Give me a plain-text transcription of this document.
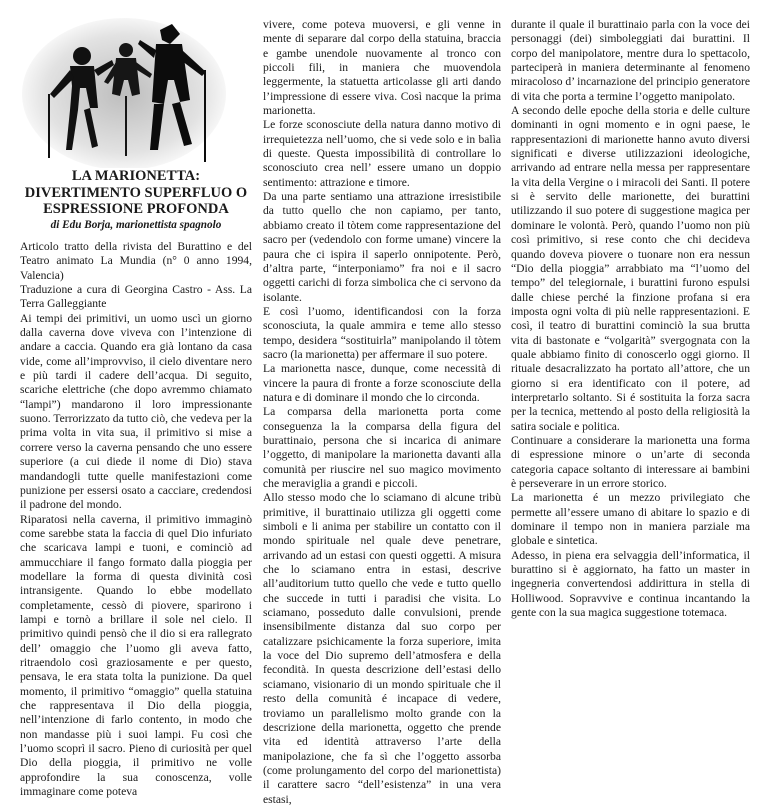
LA MARIONETTA: DIVERTIMENTO SUPERFLUO O ESPRESSIONE PROFONDA

di Edu Borja, marionettista spagnolo

Articolo tratto della rivista del Burattino e del Teatro animato La Mundia (n° 0 anno 1994, Valencia)

Traduzione a cura di Georgina Castro - Ass. La Terra Galleggiante

Ai tempi dei primitivi, un uomo uscì un giorno dalla caverna dove viveva con l’intenzione di andare a caccia. Quando era già lontano da casa vide, come all’improvviso, il cielo diventare nero e più tardi il cadere dell’acqua. Di seguito, scariche elettriche (che dopo avremmo chiamato “lampi”) mandarono il loro impressionante suono. Terrorizzato da tutto ciò, che vedeva per la prima volta in vita sua, il primitivo si mise a correre verso la caverna pensando che uno essere superiore (a cui diede il nome di Dio) stava mandandogli tutte quelle manifestazioni come punizione per essersi osato a cacciare, credendosi il padrone del mondo.

Riparatosi nella caverna, il primitivo immaginò come sarebbe stata la faccia di quel Dio infuriato che scaricava lampi e tuoni, e cominciò ad ammucchiare il fango formato dalla pioggia per modellare la forma di questa divinità così intransigente. Quando lo ebbe modellato completamente, cessò di piovere, sparirono i lampi e tornò a brillare il sole nel cielo. Il primitivo quindi pensò che il dio si era rallegrato dell’ omaggio che l’uomo gli aveva fatto, ritraendolo così graziosamente e per questo, pensava, le era stata tolta la punizione. Da quel momento, il primitivo “omaggio” quella statuina che rappresentava il Dio della pioggia, nell’intenzione di farlo contento, in modo che non mandasse più i suoi lampi. Fu così che l’uomo scoprì il sacro. Pieno di curiosità per quel Dio della pioggia, il primitivo ne volle approfondire la sua conoscenza, volle immaginare come poteva

vivere, come poteva muoversi, e gli venne in mente di separare dal corpo della statuina, braccia e gambe unendole nuovamente al tronco con piccoli fili, in maniera che muovendola leggermente, la statuetta articolasse gli arti dando l’impressione di essere viva. Così nacque la prima marionetta.

Le forze sconosciute della natura danno motivo di irrequietezza nell’uomo, che si vede solo e in balìa di queste. Questa impossibilità di controllare lo sconosciuto crea nell’ essere umano un doppio sentimento: attrazione e timore.

Da una parte sentiamo una attrazione irresistibile da tutto quello che non capiamo, per tanto, abbiamo creato il tòtem come rappresentazione del sacro per (vedendolo con forme umane) vincere la paura che ci ispira il saperlo onnipotente. Però, d’altra parte, “interponiamo” fra noi e il sacro oggetti carichi di forza simbolica che ci servono da isolante.

E così l’uomo, identificandosi con la forza sconosciuta, la quale ammira e teme allo stesso tempo, desidera “sostituirla” manipolando il tòtem sacro (la marionetta) per affermare il suo potere.

La marionetta nasce, dunque, come necessità di vincere la paura di fronte a forze sconosciute della natura e di dominare il mondo che lo circonda.

La comparsa della marionetta porta come conseguenza la la comparsa della figura del burattinaio, persona che si incarica di animare l’oggetto, di manipolare la marionetta davanti alla comunità per riuscire nel suo magico movimento che meraviglia a grandi e piccoli.

Allo stesso modo che lo sciamano di alcune tribù primitive, il burattinaio utilizza gli oggetti come simboli e li anima per stabilire un contatto con il mondo spirituale nel quale deve penetrare, arrivando ad un estasi con questi oggetti. A misura che lo sciamano entra in estasi, descrive all’auditorium tutto quello che vede e tutto quello che succede in tutti i paradisi che visita. Lo sciamano, posseduto dalle convulsioni, prende insensibilmente distanza dal suo corpo per catalizzare psichicamente la forza superiore, imita la voce del Dio supremo dell’atmosfera e della fecondità. In questa descrizione dell’estasi dello sciamano, visionario di un mondo spirituale che il resto della comunità é incapace di vedere, troviamo un parallelismo molto grande con la descrizione della marionetta, oggetto che prende vita ed identità attraverso l’arte della manipolazione, che fa sì che l’oggetto assorba (come prolungamento del corpo del marionettista) il carattere sacro “dell’esistenza” in una vera estasi,

durante il quale il burattinaio parla con la voce dei personaggi (dei) simboleggiati dai burattini. Il corpo del manipolatore, mentre dura lo spettacolo, parteciperà in maniera determinante al fenomeno miracoloso d’ incarnazione del principio generatore di vita che porta a termine l’oggetto manipolato.

A secondo delle epoche della storia e delle culture dominanti in ogni momento e in ogni paese, le rappresentazioni di marionette hanno avuto diversi significati e diverse utilizzazioni ideologiche, arrivando ad entrare nella messa per rappresentare la vita della Vergine o i miracoli dei Santi. Il potere si è servito delle marionette, dei burattini utilizzando il suo potere di suggestione magica per dominare le volontà. Però, quando l’uomo non più così primitivo, si rese conto che chi decideva quando doveva piovere o tuonare non era nessun “Dio della pioggia” arrabbiato ma “l’uomo del tempo” del telegiornale, i burattini furono espulsi dalle chiese perché la finzione profana si era imposta ogni volta di più nelle rappresentazioni. E così, il teatro di burattini cominciò la sua brutta vita di bastonate e “volgarità” svergognata con la quale abbiamo finito di conoscerlo oggi giorno. Il rituale desacralizzato ha portato all’attore, che un giorno si era identificato con il potere, ad interpretarlo soltanto. Si é sostituita la forza sacra per la tecnica, mettendo al posto della religiosità la satira sociale e politica.

Continuare a considerare la marionetta una forma di espressione minore o un’arte di seconda categoria capace soltanto di interessare ai bambini è perseverare in un errore storico.

La marionetta é un mezzo privilegiato che permette all’essere umano di abitare lo spazio e di dominare il tempo non in maniera parziale ma globale e sintetica.

Adesso, in piena era selvaggia dell’informatica, il burattino si è aggiornato, ha fatto un master in ingegneria convertendosi addirittura in stella di Holliwood. Sopravvive e continua incantando la gente con la sua magica suggestione totemaca.
